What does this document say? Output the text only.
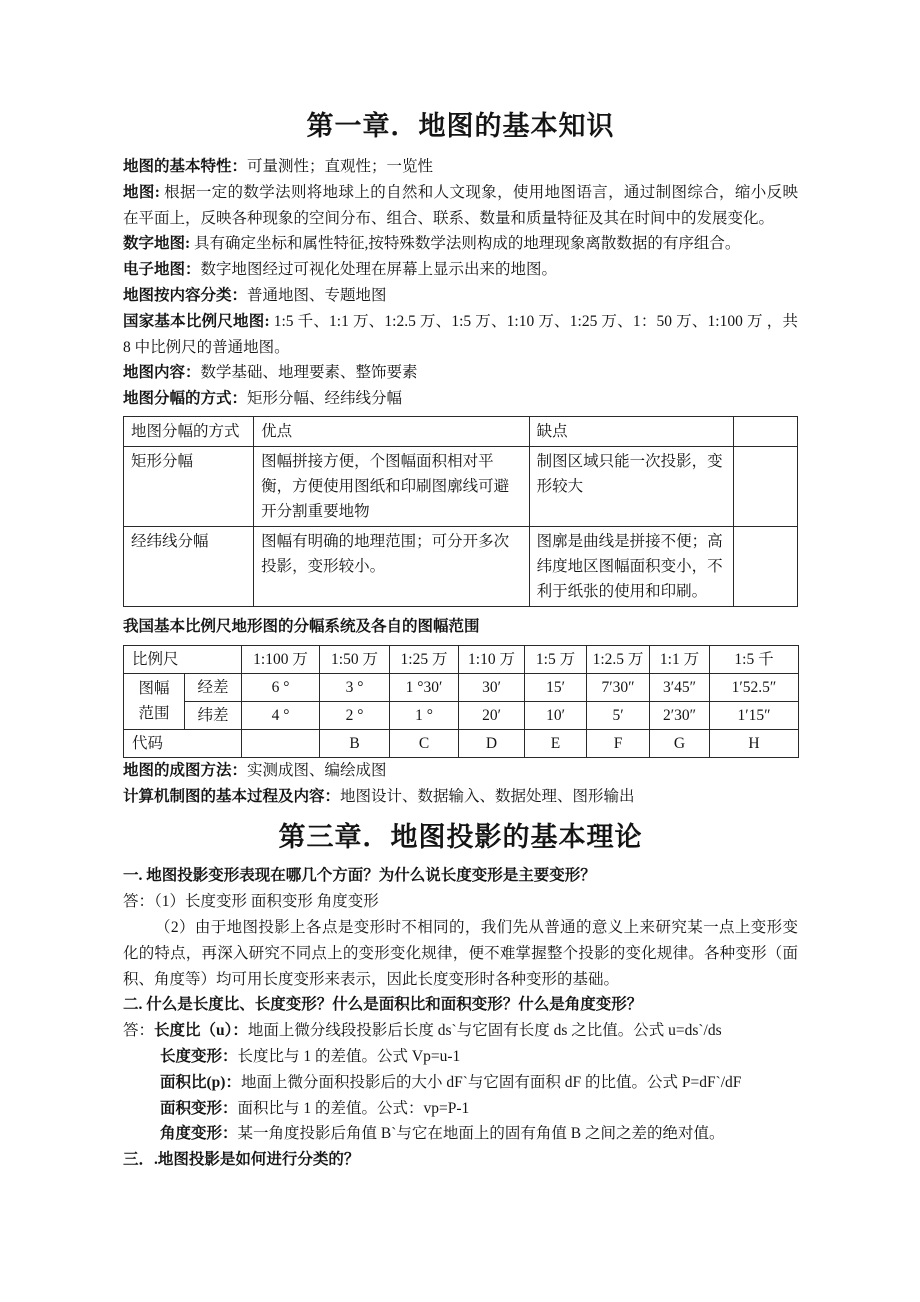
第一章．地图的基本知识

地图的基本特性：可量测性；直观性；一览性

地图: 根据一定的数学法则将地球上的自然和人文现象，使用地图语言，通过制图综合，缩小反映在平面上，反映各种现象的空间分布、组合、联系、数量和质量特征及其在时间中的发展变化。

数字地图: 具有确定坐标和属性特征,按特殊数学法则构成的地理现象离散数据的有序组合。

电子地图：数字地图经过可视化处理在屏幕上显示出来的地图。

地图按内容分类：普通地图、专题地图

国家基本比例尺地图: 1:5 千、1:1 万、1:2.5 万、1:5 万、1:10 万、1:25 万、1：50 万、1:100 万 ，共 8 中比例尺的普通地图。

地图内容：数学基础、地理要素、整饰要素

地图分幅的方式：矩形分幅、经纬线分幅

地图分幅的方式	优点	缺点	
矩形分幅	图幅拼接方便，个图幅面积相对平衡，方便使用图纸和印刷图廓线可避开分割重要地物	制图区域只能一次投影，变形较大	
经纬线分幅	图幅有明确的地理范围；可分开多次投影，变形较小。	图廓是曲线是拼接不便；高纬度地区图幅面积变小，不利于纸张的使用和印刷。	

我国基本比例尺地形图的分幅系统及各自的图幅范围

比例尺		1:100 万	1:50 万	1:25 万	1:10 万	1:5 万	1:2.5 万	1:1 万	1:5 千

图幅
范围	经差	6 °	3 °	1 °30′	30′	15′	7′30″	3′45″	1′52.5″
	纬差	4 °	2 °	1 °	20′	10′	5′	2′30″	1′15″
代码			B	C	D	E	F	G	H

地图的成图方法：实测成图、编绘成图

计算机制图的基本过程及内容：地图设计、数据输入、数据处理、图形输出

第三章．地图投影的基本理论

一. 地图投影变形表现在哪几个方面？为什么说长度变形是主要变形？

答：（1）长度变形 面积变形 角度变形

（2）由于地图投影上各点是变形时不相同的，我们先从普通的意义上来研究某一点上变形变化的特点，再深入研究不同点上的变形变化规律，便不难掌握整个投影的变化规律。各种变形（面积、角度等）均可用长度变形来表示，因此长度变形时各种变形的基础。

二. 什么是长度比、长度变形？什么是面积比和面积变形？什么是角度变形？

答：长度比（u）：地面上微分线段投影后长度 ds`与它固有长度 ds 之比值。公式 u=ds`/ds

长度变形：长度比与 1 的差值。公式 Vp=u-1

面积比(p)：地面上微分面积投影后的大小 dF`与它固有面积 dF 的比值。公式 P=dF`/dF

面积变形：面积比与 1 的差值。公式：vp=P-1

角度变形：某一角度投影后角值 B`与它在地面上的固有角值 B 之间之差的绝对值。

三．.地图投影是如何进行分类的？
